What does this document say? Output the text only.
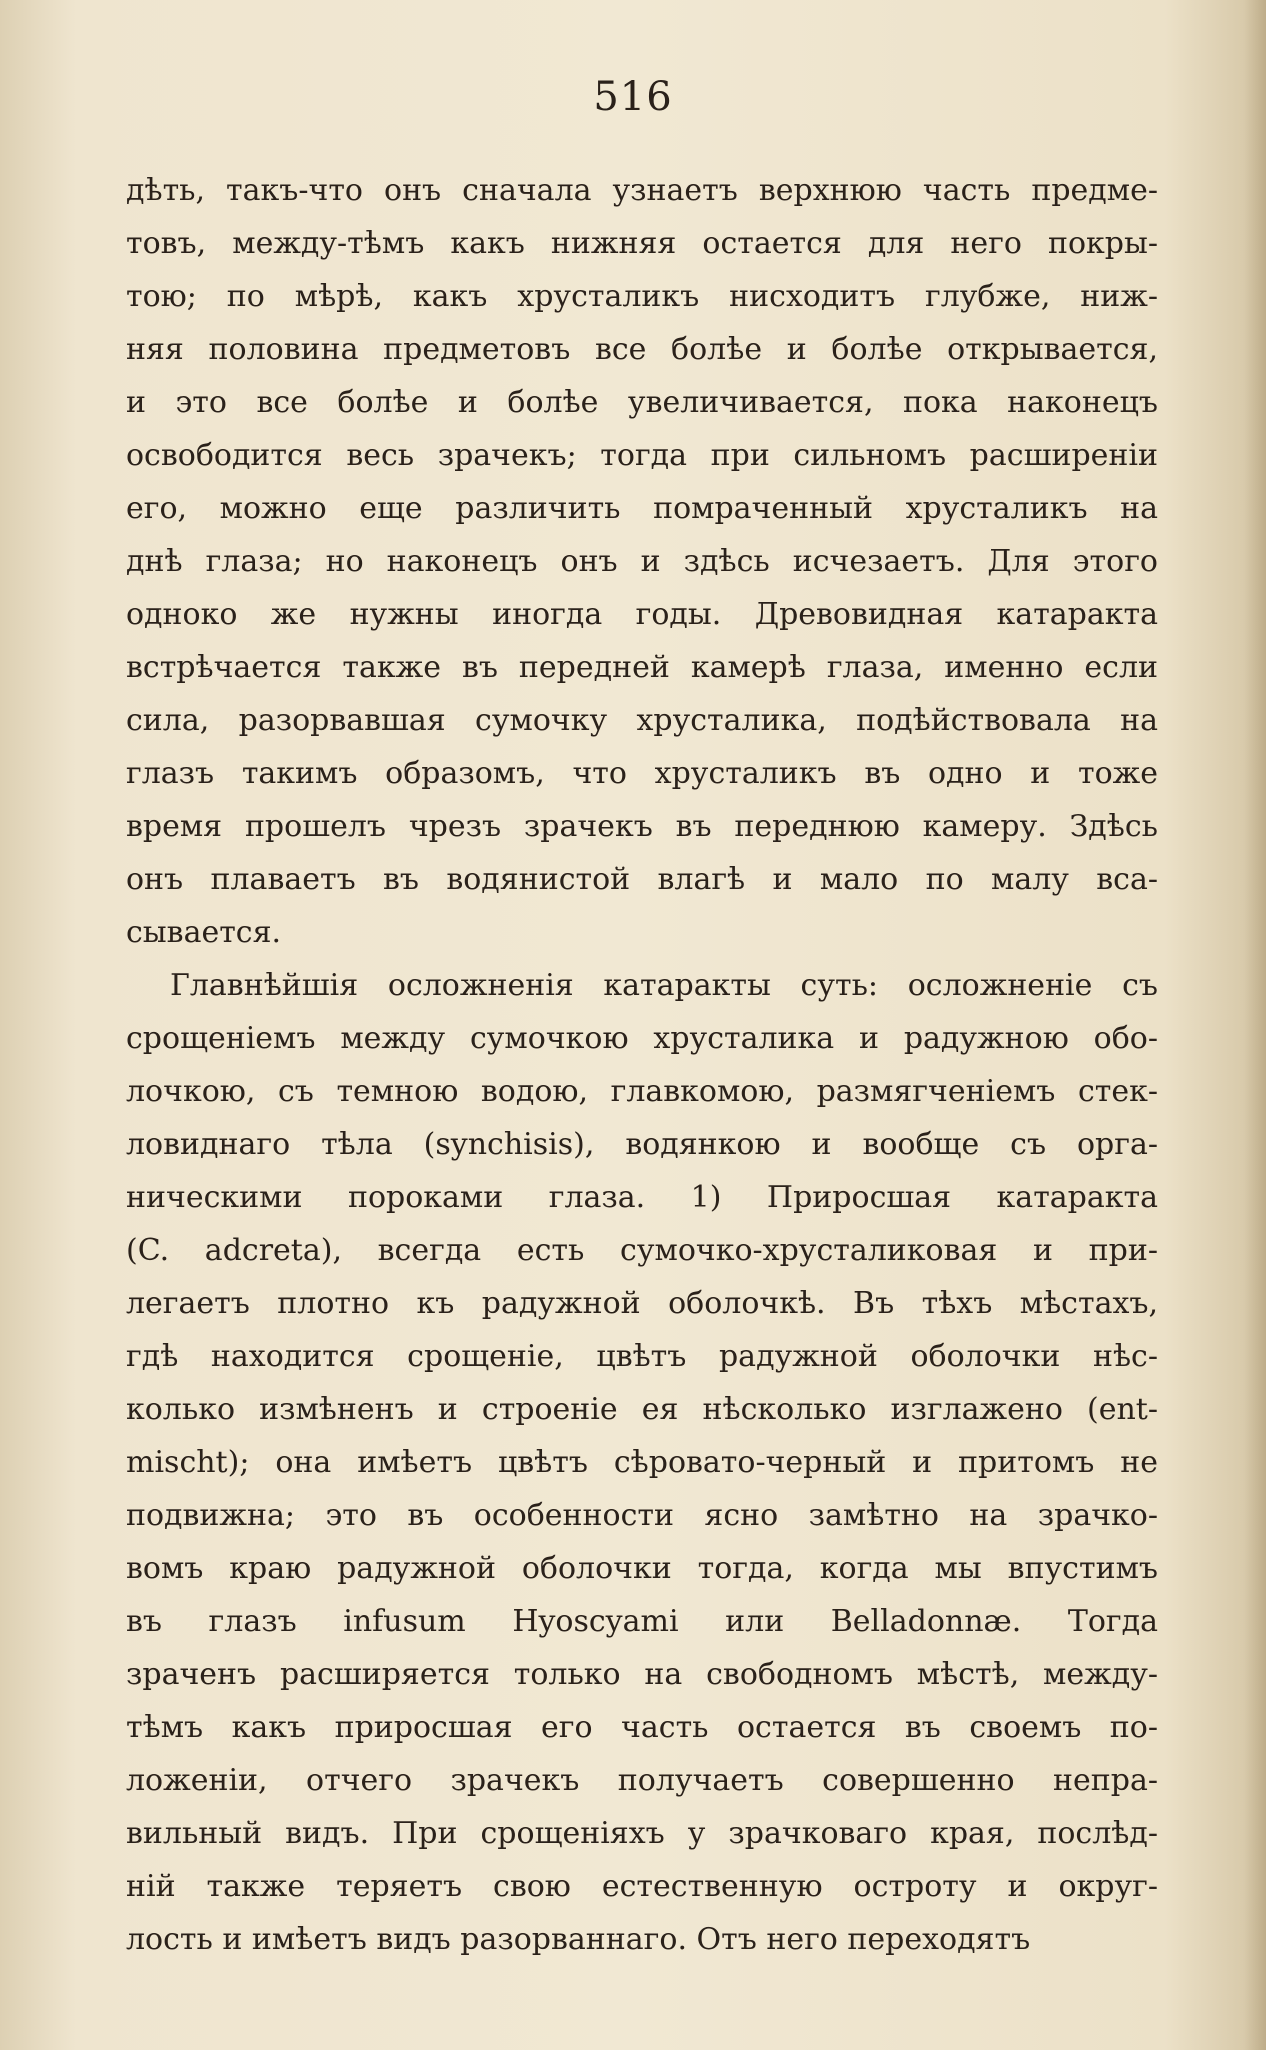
516
дѣть, такъ-что онъ сначала узнаетъ верхнюю часть предме-
товъ, между-тѣмъ какъ нижняя остается для него покры-
тою; по мѣрѣ, какъ хрусталикъ нисходитъ глубже, ниж-
няя половина предметовъ все болѣе и болѣе открывается,
и это все болѣе и болѣе увеличивается, пока наконецъ
освободится весь зрачекъ; тогда при сильномъ расширеніи
его, можно еще различить помраченный хрусталикъ на
днѣ глаза; но наконецъ онъ и здѣсь исчезаетъ. Для этого
одноко же нужны иногда годы. Древовидная катаракта
встрѣчается также въ передней камерѣ глаза, именно если
сила, разорвавшая сумочку хрусталика, подѣйствовала на
глазъ такимъ образомъ, что хрусталикъ въ одно и тоже
время прошелъ чрезъ зрачекъ въ переднюю камеру. Здѣсь
онъ плаваетъ въ водянистой влагѣ и мало по малу вса-
сывается.
Главнѣйшія осложненія катаракты суть: осложненіе съ
срощеніемъ между сумочкою хрусталика и радужною обо-
лочкою, съ темною водою, главкомою, размягченіемъ стек-
ловиднаго тѣла (synchisis), водянкою и вообще съ орга-
ническими пороками глаза. 1) Приросшая катаракта
(C. adcreta), всегда есть сумочко-хрусталиковая и при-
легаетъ плотно къ радужной оболочкѣ. Въ тѣхъ мѣстахъ,
гдѣ находится срощеніе, цвѣтъ радужной оболочки нѣс-
колько измѣненъ и строеніе ея нѣсколько изглажено (ent-
mischt); она имѣетъ цвѣтъ сѣровато-черный и притомъ не
подвижна; это въ особенности ясно замѣтно на зрачко-
вомъ краю радужной оболочки тогда, когда мы впустимъ
въ глазъ infusum Hyoscyami или Belladonnæ. Тогда
зраченъ расширяется только на свободномъ мѣстѣ, между-
тѣмъ какъ приросшая его часть остается въ своемъ по-
ложеніи, отчего зрачекъ получаетъ совершенно непра-
вильный видъ. При срощеніяхъ у зрачковаго края, послѣд-
ній также теряетъ свою естественную остроту и округ-
лость и имѣетъ видъ разорваннаго. Отъ него переходятъ
